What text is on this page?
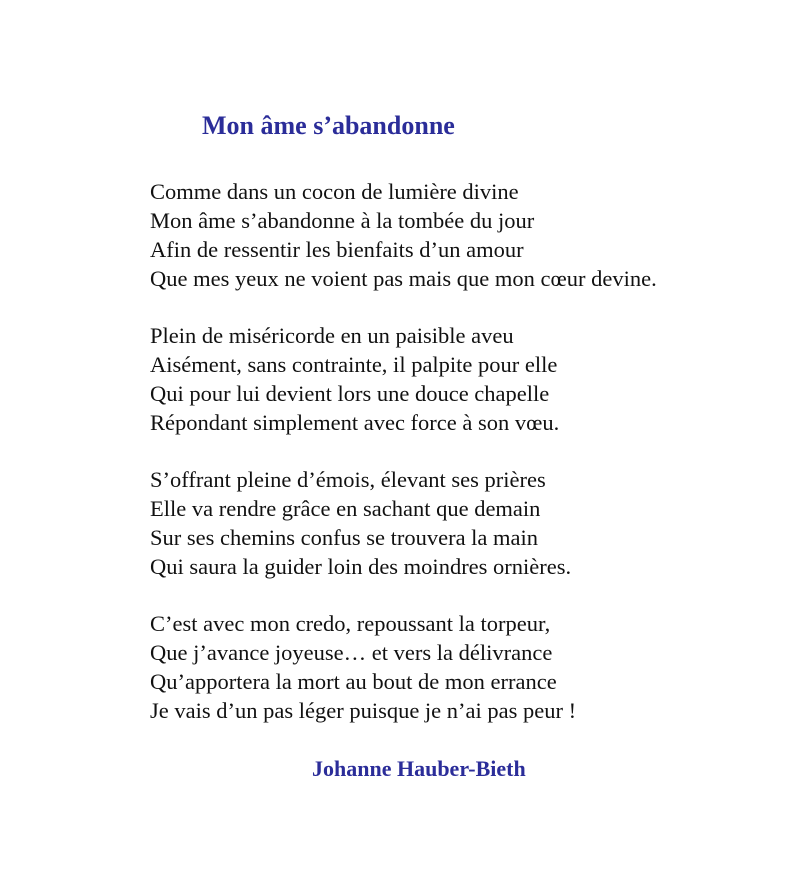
Mon âme s’abandonne
Comme dans un cocon de lumière divine
Mon âme s’abandonne à la tombée du jour
Afin de ressentir les bienfaits d’un amour
Que mes yeux ne voient pas mais que mon cœur devine.
Plein de miséricorde en un paisible aveu
Aisément, sans contrainte, il palpite pour elle
Qui pour lui devient lors une douce chapelle
Répondant simplement avec force à son vœu.
S’offrant pleine d’émois, élevant ses prières
Elle va rendre grâce en sachant que demain
Sur ses chemins confus se trouvera la main
Qui saura la guider loin des moindres ornières.
C’est avec mon credo, repoussant la torpeur,
Que j’avance joyeuse… et vers la délivrance
Qu’apportera la mort au bout de mon errance
Je vais d’un pas léger puisque je n’ai pas peur !
Johanne Hauber-Bieth
